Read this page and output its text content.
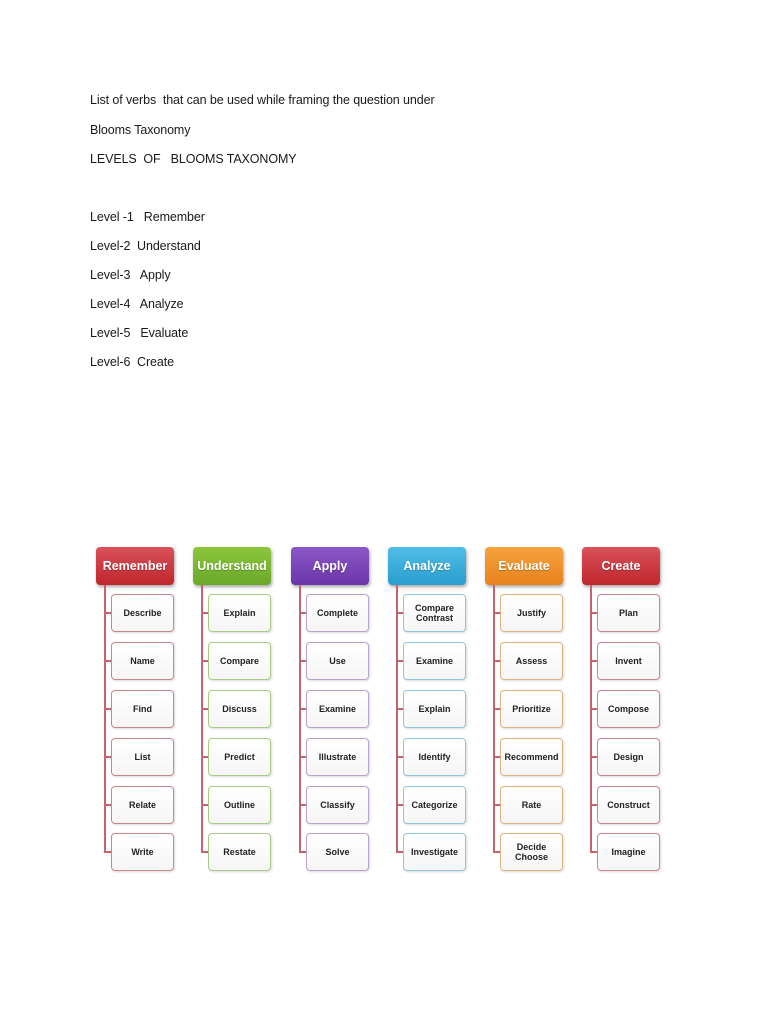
List of verbs  that can be used while framing the question under
Blooms Taxonomy
LEVELS  OF   BLOOMS TAXONOMY
Level -1   Remember
Level-2  Understand
Level-3   Apply
Level-4   Analyze
Level-5   Evaluate
Level-6  Create
Remember
Describe
Name
Find
List
Relate
Write
Understand
Explain
Compare
Discuss
Predict
Outline
Restate
Apply
Complete
Use
Examine
Illustrate
Classify
Solve
Analyze
Compare
Contrast
Examine
Explain
Identify
Categorize
Investigate
Evaluate
Justify
Assess
Prioritize
Recommend
Rate
Decide
Choose
Create
Plan
Invent
Compose
Design
Construct
Imagine
